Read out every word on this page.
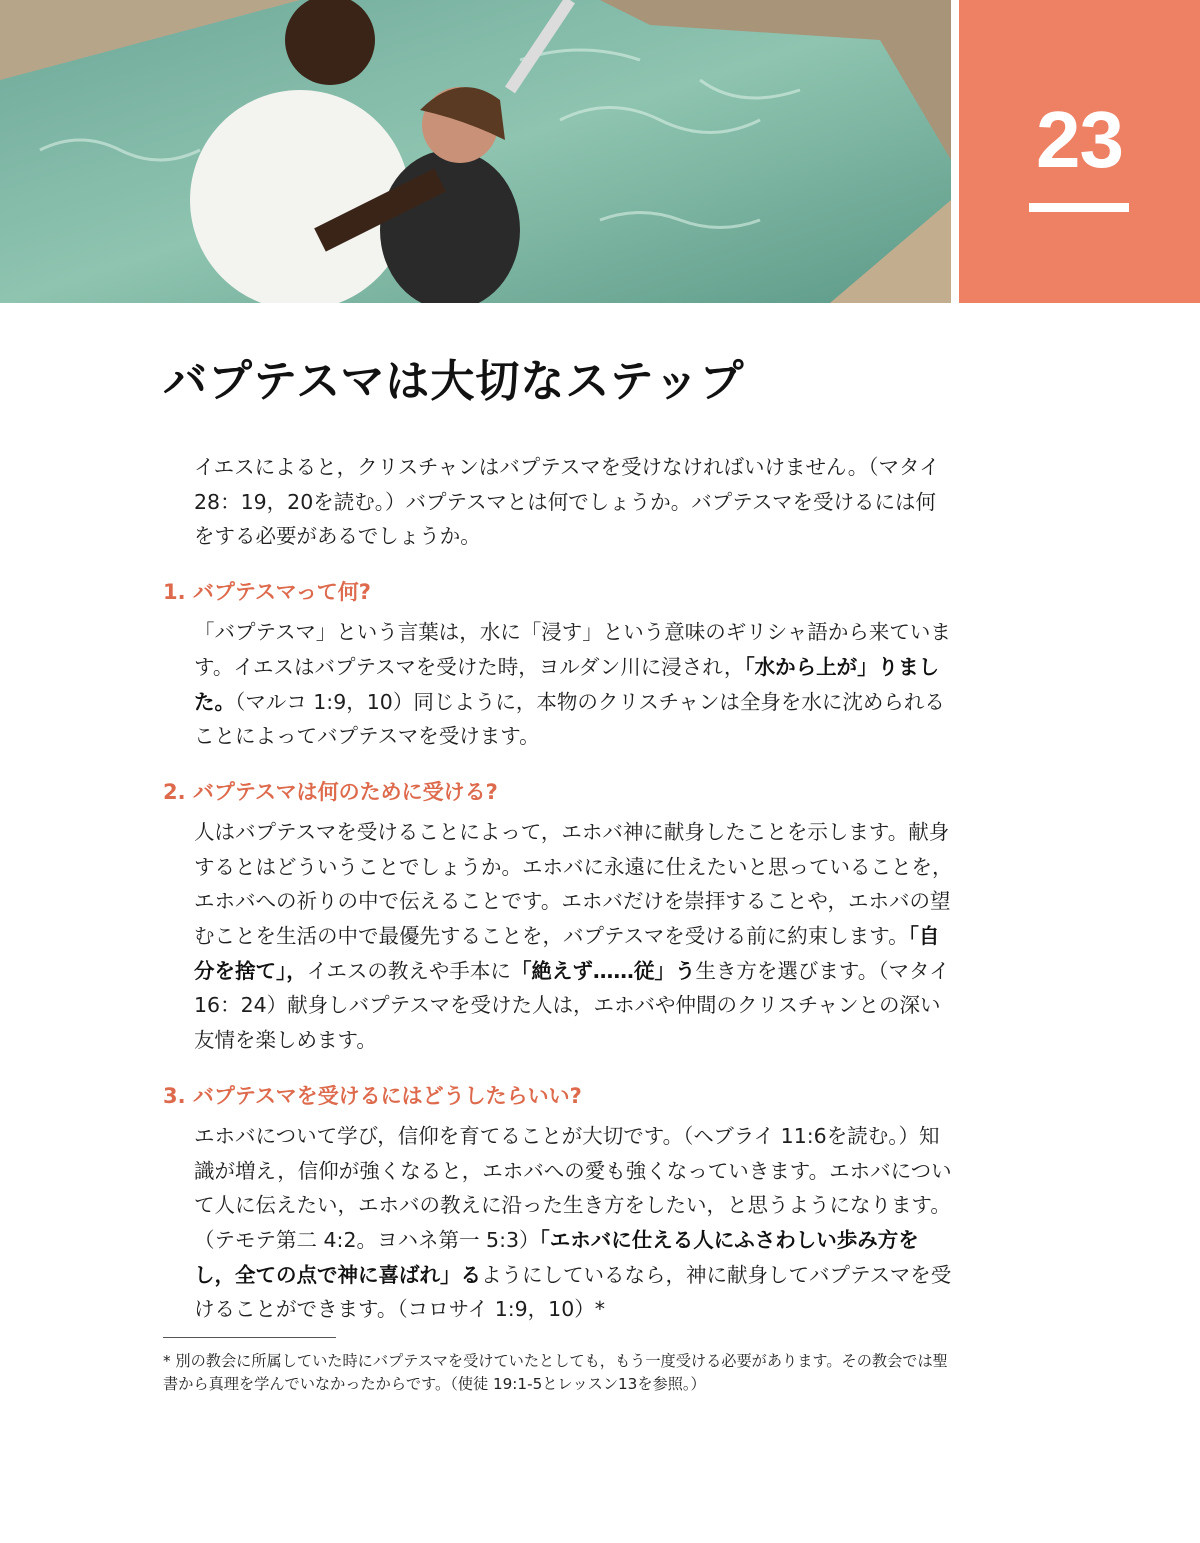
23
バプテスマは大切なステップ

イエスによると，クリスチャンはバプテスマを受けなければいけません。（マタイ 28：19，20を読む。）バプテスマとは何でしょうか。バプテスマを受けるには何をする必要があるでしょうか。

1. バプテスマって何?

「バプテスマ」という言葉は，水に「浸す」という意味のギリシャ語から来ています。イエスはバプテスマを受けた時，ヨルダン川に浸され，「水から上が」りました。（マルコ 1:9，10）同じように，本物のクリスチャンは全身を水に沈められることによってバプテスマを受けます。

2. バプテスマは何のために受ける?

人はバプテスマを受けることによって，エホバ神に献身したことを示します。献身するとはどういうことでしょうか。エホバに永遠に仕えたいと思っていることを，エホバへの祈りの中で伝えることです。エホバだけを崇拝することや，エホバの望むことを生活の中で最優先することを，バプテスマを受ける前に約束します。「自分を捨て」，イエスの教えや手本に「絶えず……従」う生き方を選びます。（マタイ 16：24）献身しバプテスマを受けた人は，エホバや仲間のクリスチャンとの深い友情を楽しめます。

3. バプテスマを受けるにはどうしたらいい?

エホバについて学び，信仰を育てることが大切です。（ヘブライ 11:6を読む。）知識が増え，信仰が強くなると，エホバへの愛も強くなっていきます。エホバについて人に伝えたい，エホバの教えに沿った生き方をしたい，と思うようになります。（テモテ第二 4:2。ヨハネ第一 5:3）「エホバに仕える人にふさわしい歩み方をし，全ての点で神に喜ばれ」るようにしているなら，神に献身してバプテスマを受けることができます。（コロサイ 1:9，10）*

* 別の教会に所属していた時にバプテスマを受けていたとしても，もう一度受ける必要があります。その教会では聖書から真理を学んでいなかったからです。（使徒 19:1-5とレッスン13を参照。）
